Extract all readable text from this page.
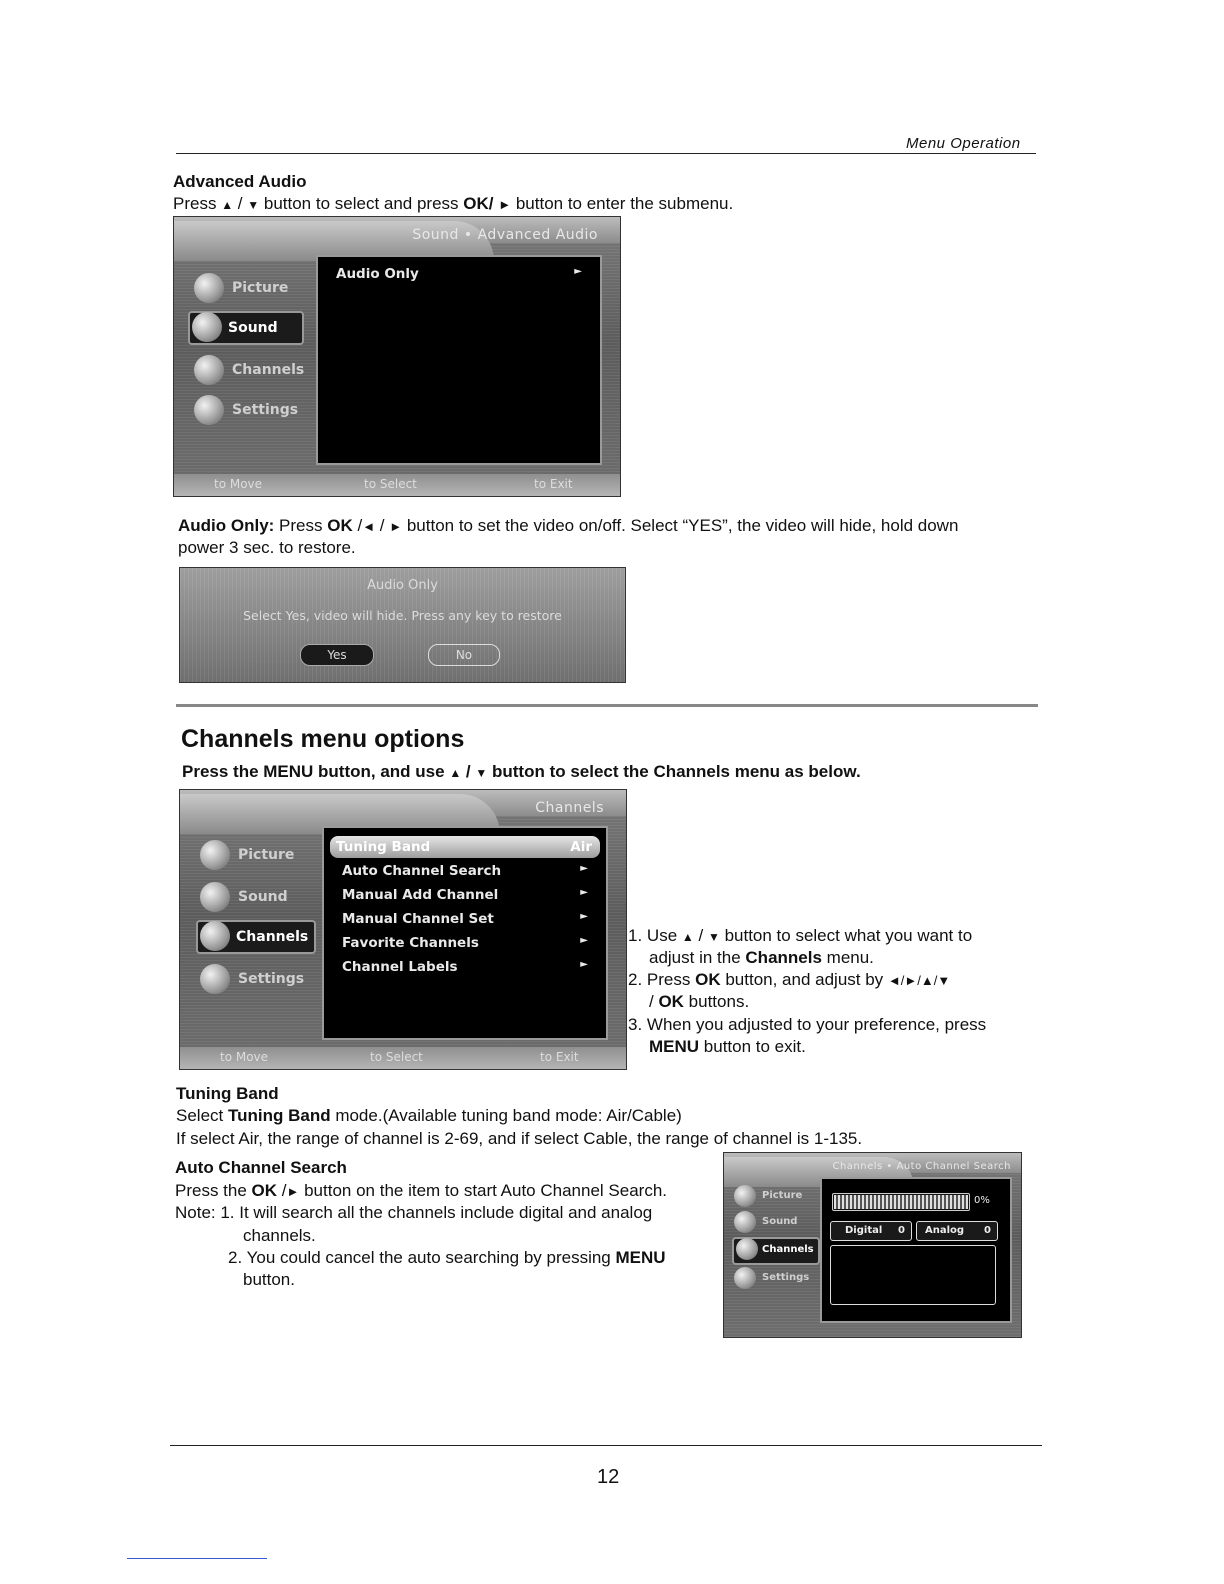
Menu Operation
Advanced Audio
Press ▲ / ▼ button to select and press OK/ ► button to enter the submenu.
Sound • Advanced Audio
Picture
Sound
Channels
Settings
Audio Only	►
to Move	to Select	to Exit
Audio Only: Press OK /◄ / ► button to set the video on/off. Select “YES”, the video will hide, hold down
power 3 sec. to restore.
Audio Only
Select Yes, video will hide. Press any key to restore
Yes	No
Channels menu options
Press the MENU button, and use ▲ / ▼ button to select the Channels menu as below.
Channels
Picture
Sound
Channels
Settings
Tuning Band	Air
Auto Channel Search	►
Manual Add Channel	►
Manual Channel Set	►
Favorite Channels	►
Channel Labels	►
to Move	to Select	to Exit
1. Use ▲ / ▼ button to select what you want to
adjust in the Channels menu.
2. Press OK button, and adjust by ◄/►/▲/▼
/ OK buttons.
3. When you adjusted to your preference, press
MENU button to exit.
Tuning Band
Select Tuning Band mode.(Available tuning band mode: Air/Cable)
If select Air, the range of channel is 2-69, and if select Cable, the range of channel is 1-135.
Auto Channel Search
Press the OK /► button on the item to start Auto Channel Search.
Note: 1. It will search all the channels include digital and analog
channels.
2. You could cancel the auto searching by pressing MENU
button.
Channels • Auto Channel Search
Picture
Sound
Channels
Settings
0%
Digital 0 Analog 0
12
